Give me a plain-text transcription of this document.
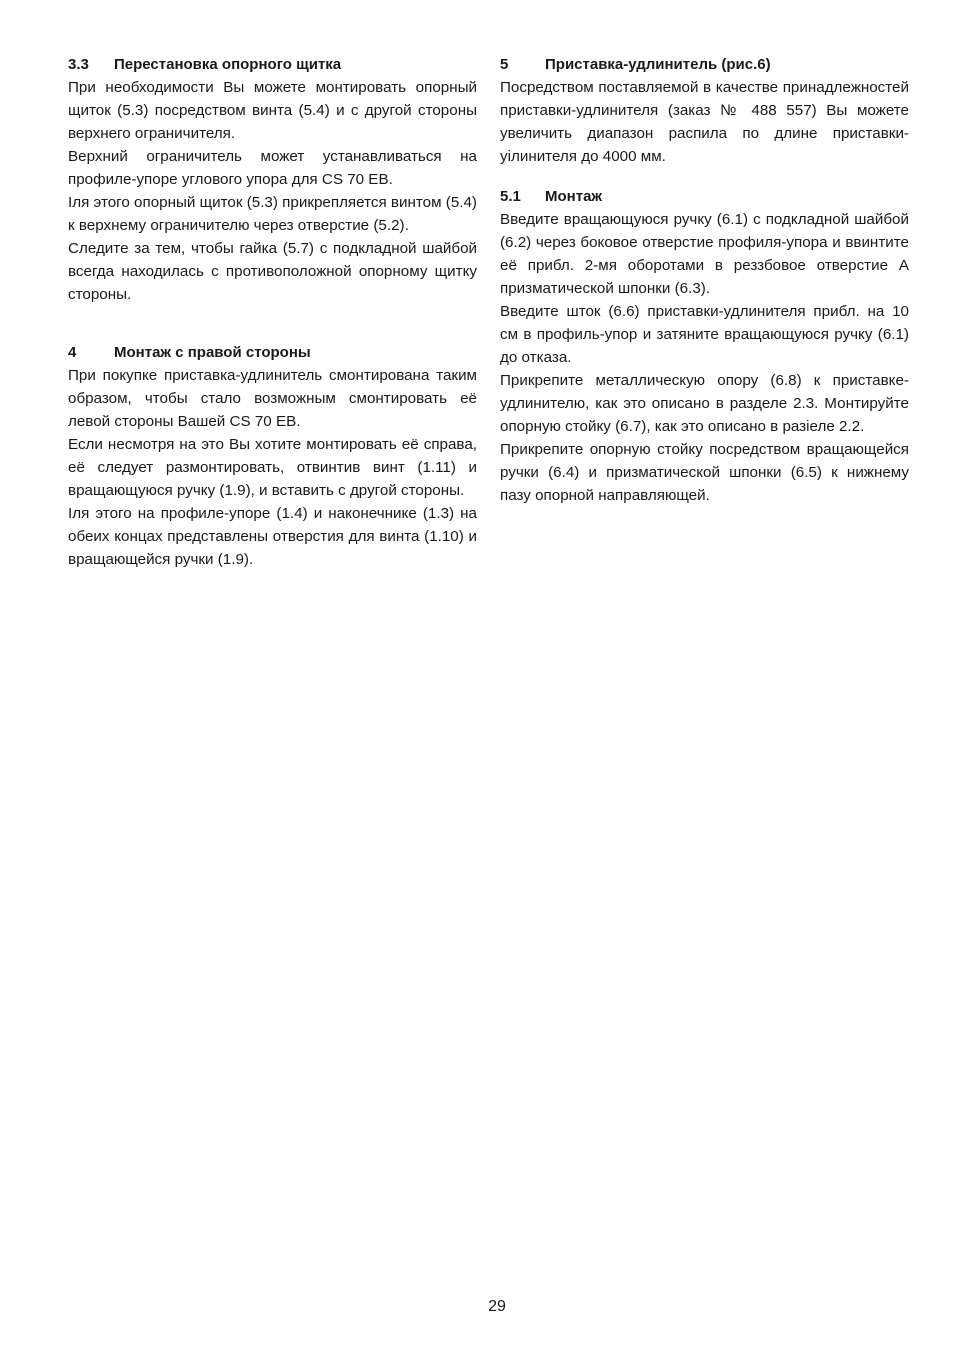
3.3	Перестановка опорного щитка

При необходимости Вы можете монтировать опорный щиток (5.3) посредством винта (5.4) и с другой стороны верхнего ограничителя.

Верхний ограничитель может устанавливаться на профиле-упоре углового упора для CS 70 EB.

Іля этого опорный щиток (5.3) прикрепляется винтом (5.4) к верхнему ограничителю через отверстие (5.2).

Следите за тем, чтобы гайка (5.7) с подкладной шайбой всегда находилась с противоположной опорному щитку стороны.

4	Монтаж с правой стороны

При покупке приставка-удлинитель смонтирована таким образом, чтобы стало возможным смонтировать её левой стороны Вашей CS 70 EB.

Если несмотря на это Вы хотите монтировать её справа, её следует размонтировать, отвинтив винт (1.11) и вращающуюся ручку (1.9), и вставить с другой стороны.

Іля этого на профиле-упоре (1.4) и наконечнике (1.3) на обеих концах представлены отверстия для винта (1.10) и вращающейся ручки (1.9).

5	Приставка-удлинитель (рис.6)

Посредством поставляемой в качестве принадлежностей приставки-удлинителя (заказ № 488 557) Вы можете увеличить диапазон распила по длине приставки-уiлинителя до 4000 мм.

5.1	Монтаж

Введите вращающуюся ручку (6.1) с подкладной шайбой (6.2) через боковое отверстие профиля-упора и ввинтите её прибл. 2-мя оборотами в реззбовое отверстие A призматической шпонки (6.3).

Введите шток (6.6) приставки-удлинителя прибл. на 10 см в профиль-упор и затяните вращающуюся ручку (6.1) до отказа.

Прикрепите металлическую опору (6.8) к приставке-удлинителю, как это описано в разделе 2.3. Монтируйте опорную стойку (6.7), как это описано в разiеле 2.2.

Прикрепите опорную стойку посредством вращающейся ручки (6.4) и призматической шпонки (6.5) к нижнему пазу опорной направляющей.

29
